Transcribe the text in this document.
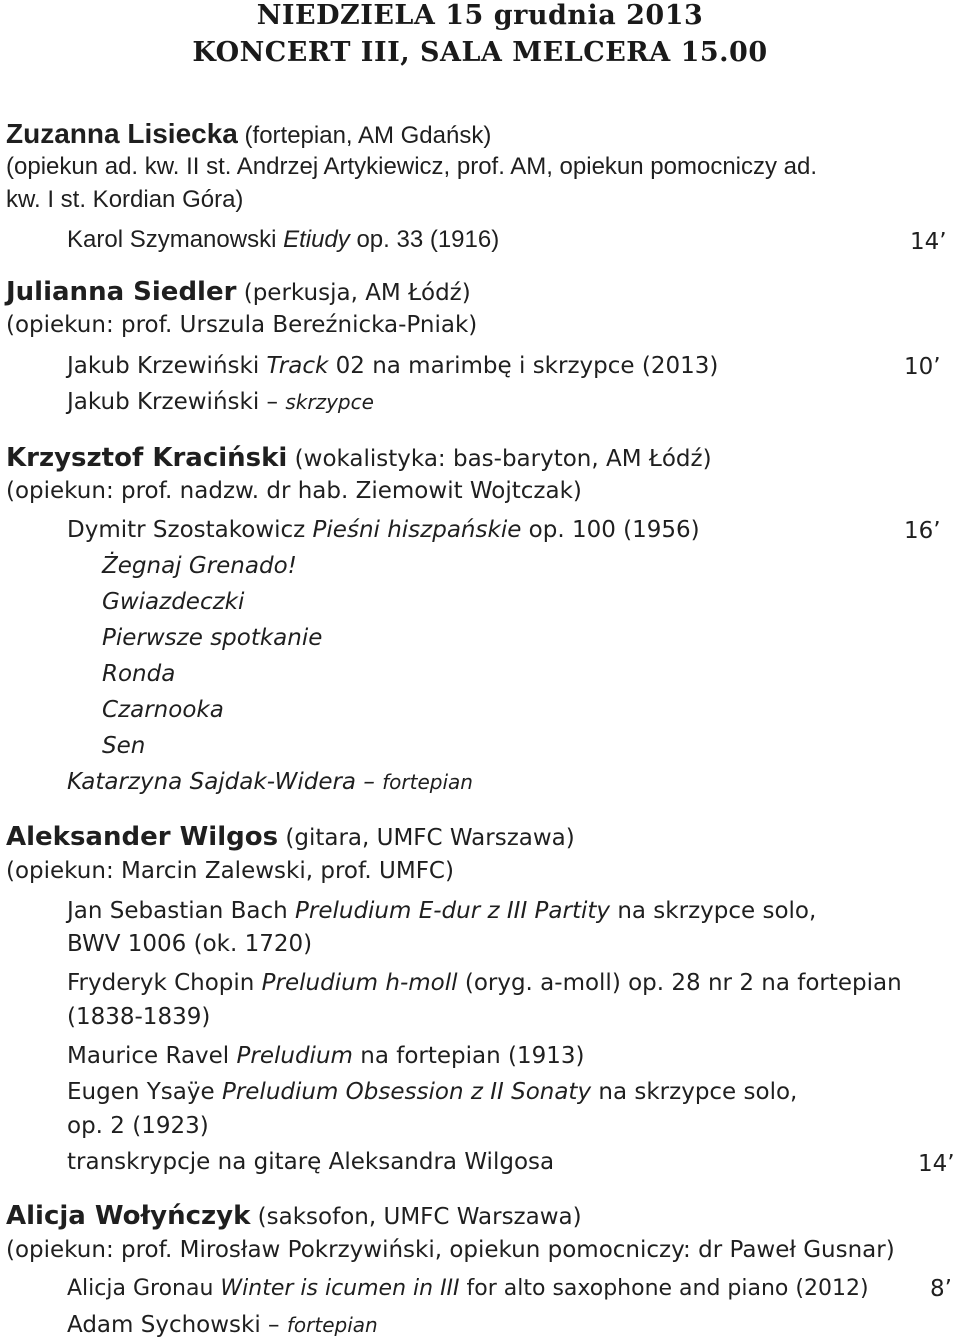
NIEDZIELA 15 grudnia 2013
KONCERT III, SALA MELCERA 15.00
Zuzanna Lisiecka (fortepian, AM Gdańsk)
(opiekun ad. kw. II st. Andrzej Artykiewicz, prof. AM, opiekun pomocniczy ad.
kw. I st. Kordian Góra)
Karol Szymanowski Etiudy op. 33 (1916)	14’
Julianna Siedler (perkusja, AM Łódź)
(opiekun: prof. Urszula Bereźnicka-Pniak)
Jakub Krzewiński Track 02 na marimbę i skrzypce (2013)	10’
Jakub Krzewiński – skrzypce
Krzysztof Kraciński (wokalistyka: bas-baryton, AM Łódź)
(opiekun: prof. nadzw. dr hab. Ziemowit Wojtczak)
Dymitr Szostakowicz Pieśni hiszpańskie op. 100 (1956)	16’
Żegnaj Grenado!
Gwiazdeczki
Pierwsze spotkanie
Ronda
Czarnooka
Sen
Katarzyna Sajdak-Widera – fortepian
Aleksander Wilgos (gitara, UMFC Warszawa)
(opiekun: Marcin Zalewski, prof. UMFC)
Jan Sebastian Bach Preludium E-dur z III Partity na skrzypce solo,
BWV 1006 (ok. 1720)
Fryderyk Chopin Preludium h-moll (oryg. a-moll) op. 28 nr 2 na fortepian
(1838-1839)
Maurice Ravel Preludium na fortepian (1913)
Eugen Ysaÿe Preludium Obsession z II Sonaty na skrzypce solo,
op. 2 (1923)
transkrypcje na gitarę Aleksandra Wilgosa	14’
Alicja Wołyńczyk (saksofon, UMFC Warszawa)
(opiekun: prof. Mirosław Pokrzywiński, opiekun pomocniczy: dr Paweł Gusnar)
Alicja Gronau Winter is icumen in III for alto saxophone and piano (2012)	8’
Adam Sychowski – fortepian
